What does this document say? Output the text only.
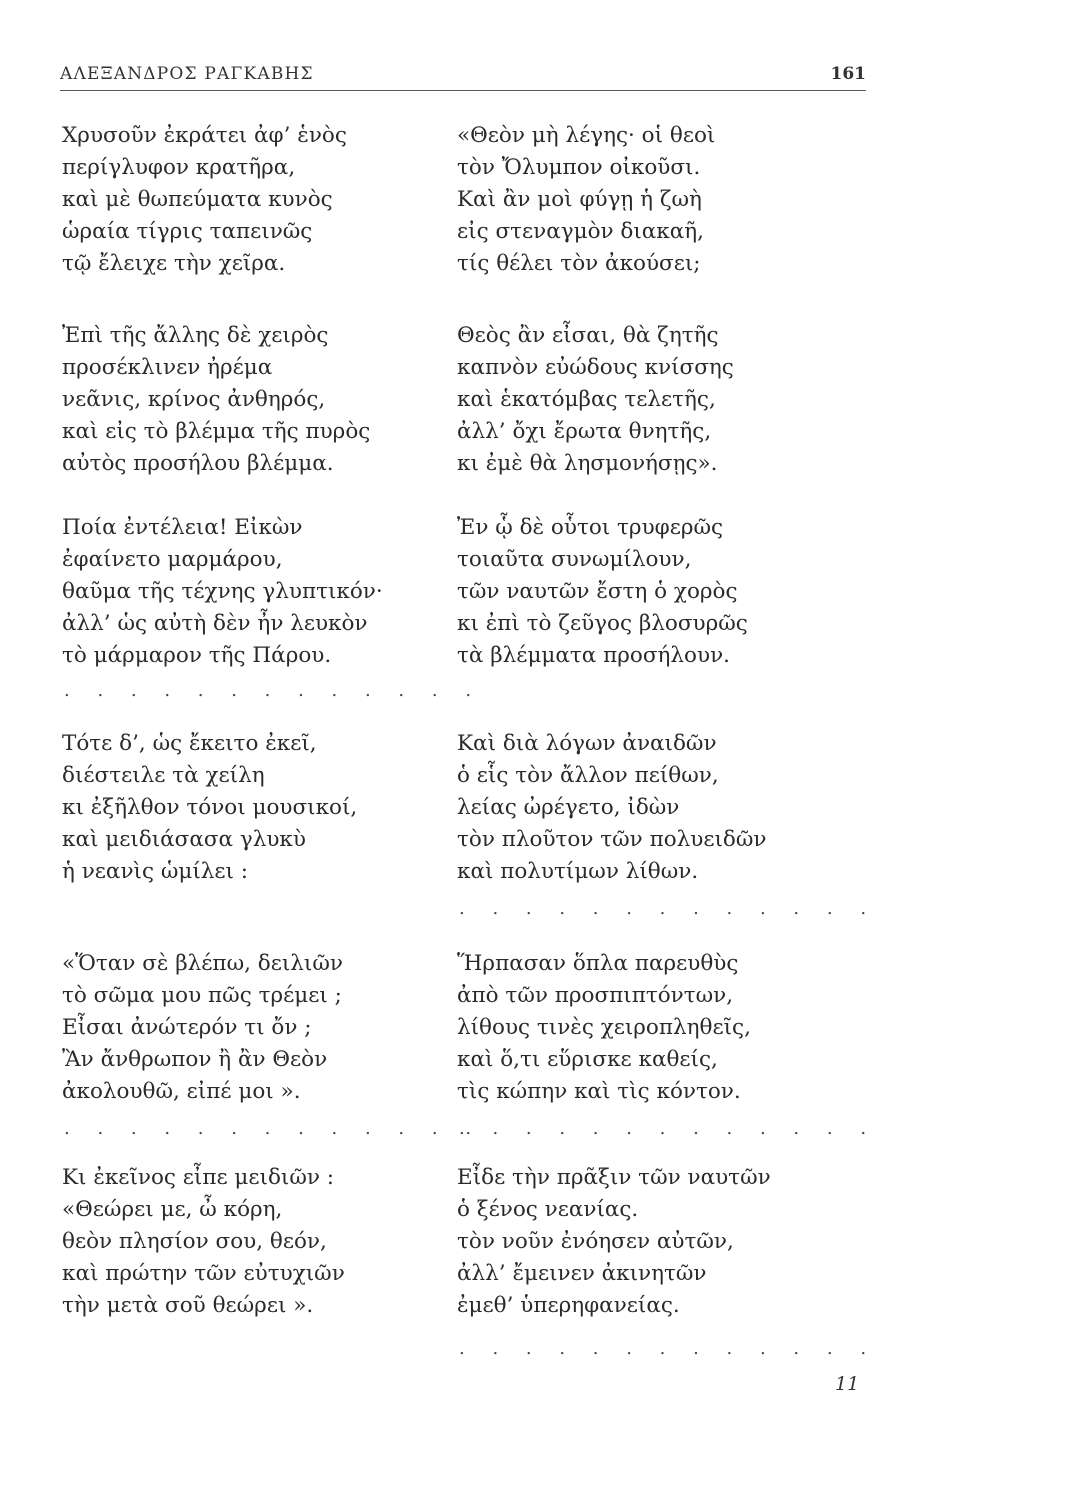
ΑΛΕΞΑΝΔΡΟΣ ΡΑΓΚΑΒΗΣ	161
Χρυσοῦν ἐκράτει ἀφ’ ἑνὸς
περίγλυφον κρατῆρα,
καὶ μὲ θωπεύματα κυνὸς
ὡραία τίγρις ταπεινῶς
τῷ ἔλειχε τὴν χεῖρα.
Ἐπὶ τῆς ἄλλης δὲ χειρὸς
προσέκλινεν ἠρέμα
νεᾶνις, κρίνος ἀνθηρός,
καὶ εἰς τὸ βλέμμα τῆς πυρὸς
αὐτὸς προσήλου βλέμμα.
Ποία ἐντέλεια! Εἰκὼν
ἐφαίνετο μαρμάρου,
θαῦμα τῆς τέχνης γλυπτικόν·
ἀλλ’ ὡς αὐτὴ δὲν ἦν λευκὸν
τὸ μάρμαρον τῆς Πάρου.
. . . . . . . . . . . . .
Τότε δ’, ὡς ἔκειτο ἐκεῖ,
διέστειλε τὰ χείλη
κι ἐξῆλθον τόνοι μουσικοί,
καὶ μειδιάσασα γλυκὺ
ἡ νεανὶς ὡμίλει :
«Ὅταν σὲ βλέπω, δειλιῶν
τὸ σῶμα μου πῶς τρέμει ;
Εἶσαι ἀνώτερόν τι ὄν ;
Ἂν ἄνθρωπον ἢ ἂν Θεὸν
ἀκολουθῶ, εἰπέ μοι ».
. . . . . . . . . . . . .
Κι ἐκεῖνος εἶπε μειδιῶν :
«Θεώρει με, ὦ κόρη,
θεὸν πλησίον σου, θεόν,
καὶ πρώτην τῶν εὐτυχιῶν
τὴν μετὰ σοῦ θεώρει ».
«Θεὸν μὴ λέγης· οἱ θεοὶ
τὸν Ὄλυμπον οἰκοῦσι.
Καὶ ἂν μοὶ φύγῃ ἡ ζωὴ
εἰς στεναγμὸν διακαῆ,
τίς θέλει τὸν ἀκούσει;
Θεὸς ἂν εἶσαι, θὰ ζητῆς
καπνὸν εὐώδους κνίσσης
καὶ ἑκατόμβας τελετῆς,
ἀλλ’ ὄχι ἔρωτα θνητῆς,
κι ἐμὲ θὰ λησμονήσῃς».
Ἐν ᾧ δὲ οὗτοι τρυφερῶς
τοιαῦτα συνωμίλουν,
τῶν ναυτῶν ἔστη ὁ χορὸς
κι ἐπὶ τὸ ζεῦγος βλοσυρῶς
τὰ βλέμματα προσήλουν.
Καὶ διὰ λόγων ἀναιδῶν
ὁ εἷς τὸν ἄλλον πείθων,
λείας ὠρέγετο, ἰδὼν
τὸν πλοῦτον τῶν πολυειδῶν
καὶ πολυτίμων λίθων.
. . . . . . . . . . . . .
Ἥρπασαν ὅπλα παρευθὺς
ἀπὸ τῶν προσπιπτόντων,
λίθους τινὲς χειροπληθεῖς,
καὶ ὅ,τι εὕρισκε καθείς,
τὶς κώπην καὶ τὶς κόντον.
. . . . . . . . . . . . .
Εἶδε τὴν πρᾶξιν τῶν ναυτῶν
ὁ ξένος νεανίας.
τὸν νοῦν ἐνόησεν αὐτῶν,
ἀλλ’ ἔμεινεν ἀκινητῶν
ἐμεθ’ ὑπερηφανείας.
. . . . . . . . . . . . .
11
